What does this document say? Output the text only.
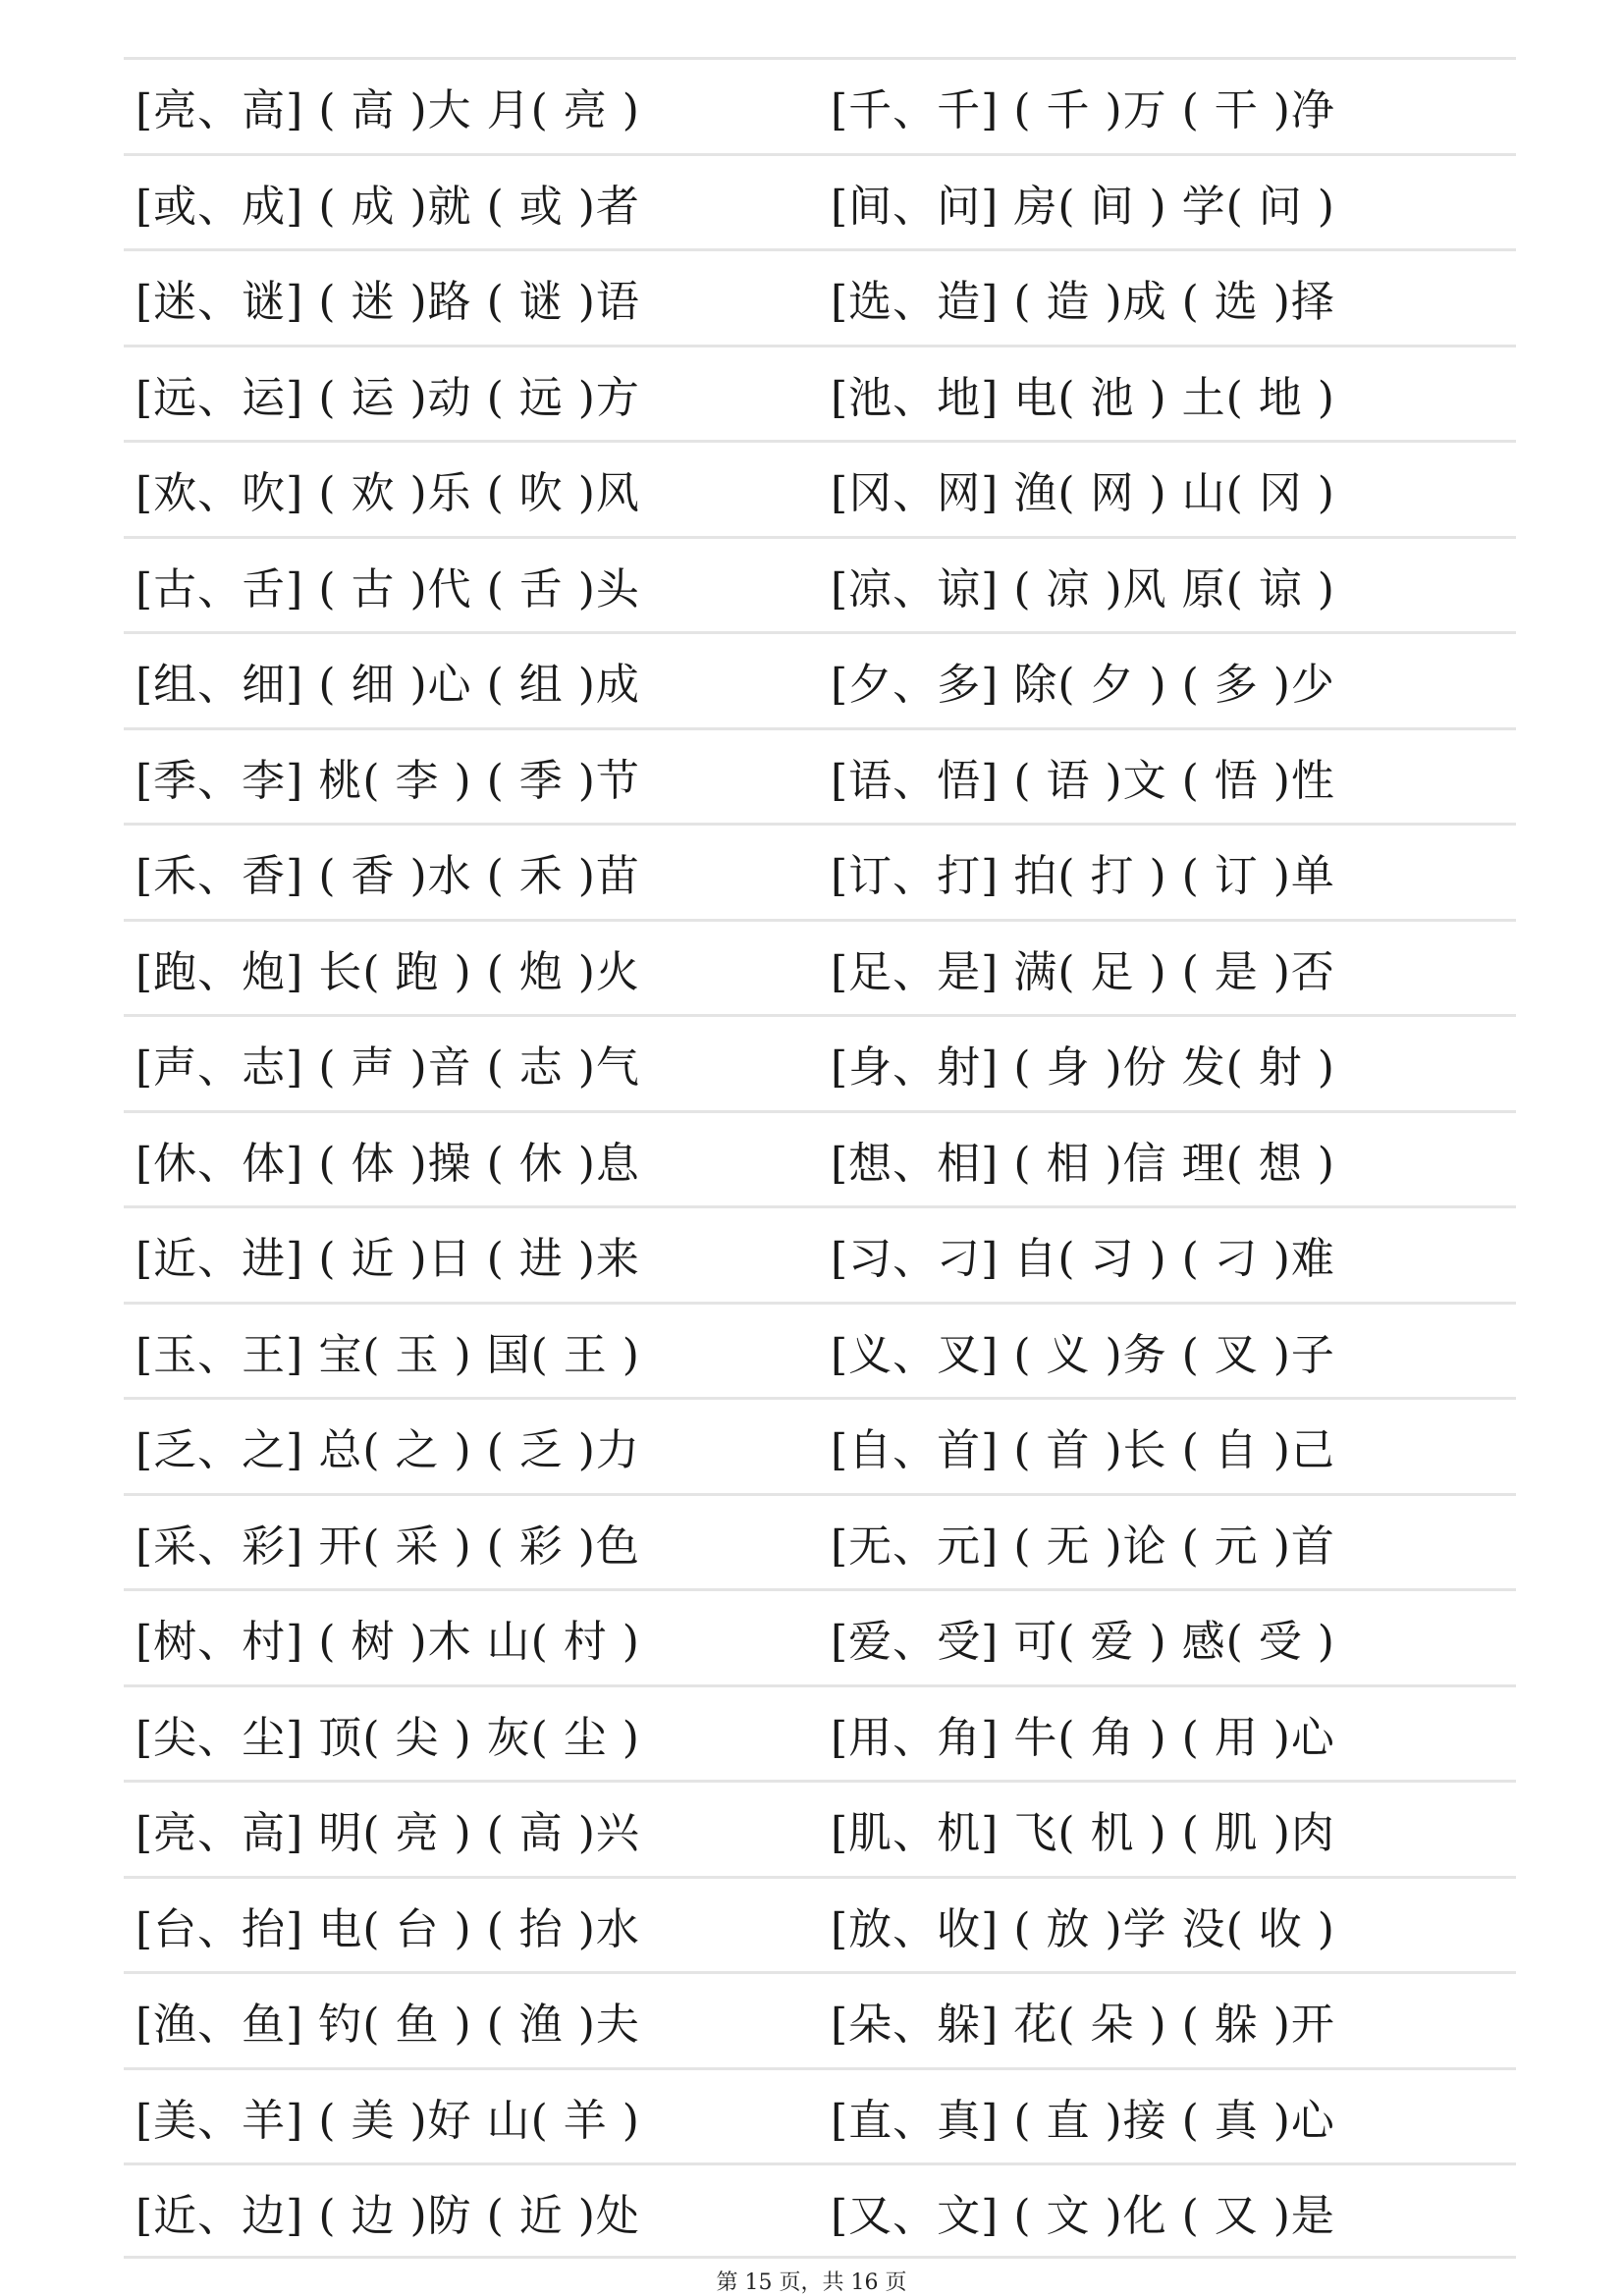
[亮、高] ( 高 )大 月( 亮 )	[千、千] ( 千 )万 ( 干 )净
[或、成] ( 成 )就 ( 或 )者	[间、问] 房( 间 ) 学( 问 )
[迷、谜] ( 迷 )路 ( 谜 )语	[选、造] ( 造 )成 ( 选 )择
[远、运] ( 运 )动 ( 远 )方	[池、地] 电( 池 ) 土( 地 )
[欢、吹] ( 欢 )乐 ( 吹 )风	[冈、网] 渔( 网 ) 山( 冈 )
[古、舌] ( 古 )代 ( 舌 )头	[凉、谅] ( 凉 )风 原( 谅 )
[组、细] ( 细 )心 ( 组 )成	[夕、多] 除( 夕 ) ( 多 )少
[季、李] 桃( 李 ) ( 季 )节	[语、悟] ( 语 )文 ( 悟 )性
[禾、香] ( 香 )水 ( 禾 )苗	[订、打] 拍( 打 ) ( 订 )单
[跑、炮] 长( 跑 ) ( 炮 )火	[足、是] 满( 足 ) ( 是 )否
[声、志] ( 声 )音 ( 志 )气	[身、射] ( 身 )份 发( 射 )
[休、体] ( 体 )操 ( 休 )息	[想、相] ( 相 )信 理( 想 )
[近、进] ( 近 )日 ( 进 )来	[习、刁] 自( 习 ) ( 刁 )难
[玉、王] 宝( 玉 ) 国( 王 )	[义、叉] ( 义 )务 ( 叉 )子
[乏、之] 总( 之 ) ( 乏 )力	[自、首] ( 首 )长 ( 自 )己
[采、彩] 开( 采 ) ( 彩 )色	[无、元] ( 无 )论 ( 元 )首
[树、村] ( 树 )木 山( 村 )	[爱、受] 可( 爱 ) 感( 受 )
[尖、尘] 顶( 尖 ) 灰( 尘 )	[用、角] 牛( 角 ) ( 用 )心
[亮、高] 明( 亮 ) ( 高 )兴	[肌、机] 飞( 机 ) ( 肌 )肉
[台、抬] 电( 台 ) ( 抬 )水	[放、收] ( 放 )学 没( 收 )
[渔、鱼] 钓( 鱼 ) ( 渔 )夫	[朵、躲] 花( 朵 ) ( 躲 )开
[美、羊] ( 美 )好 山( 羊 )	[直、真] ( 直 )接 ( 真 )心
[近、边] ( 边 )防 ( 近 )处	[又、文] ( 文 )化 ( 又 )是
第 15 页，共 16 页
